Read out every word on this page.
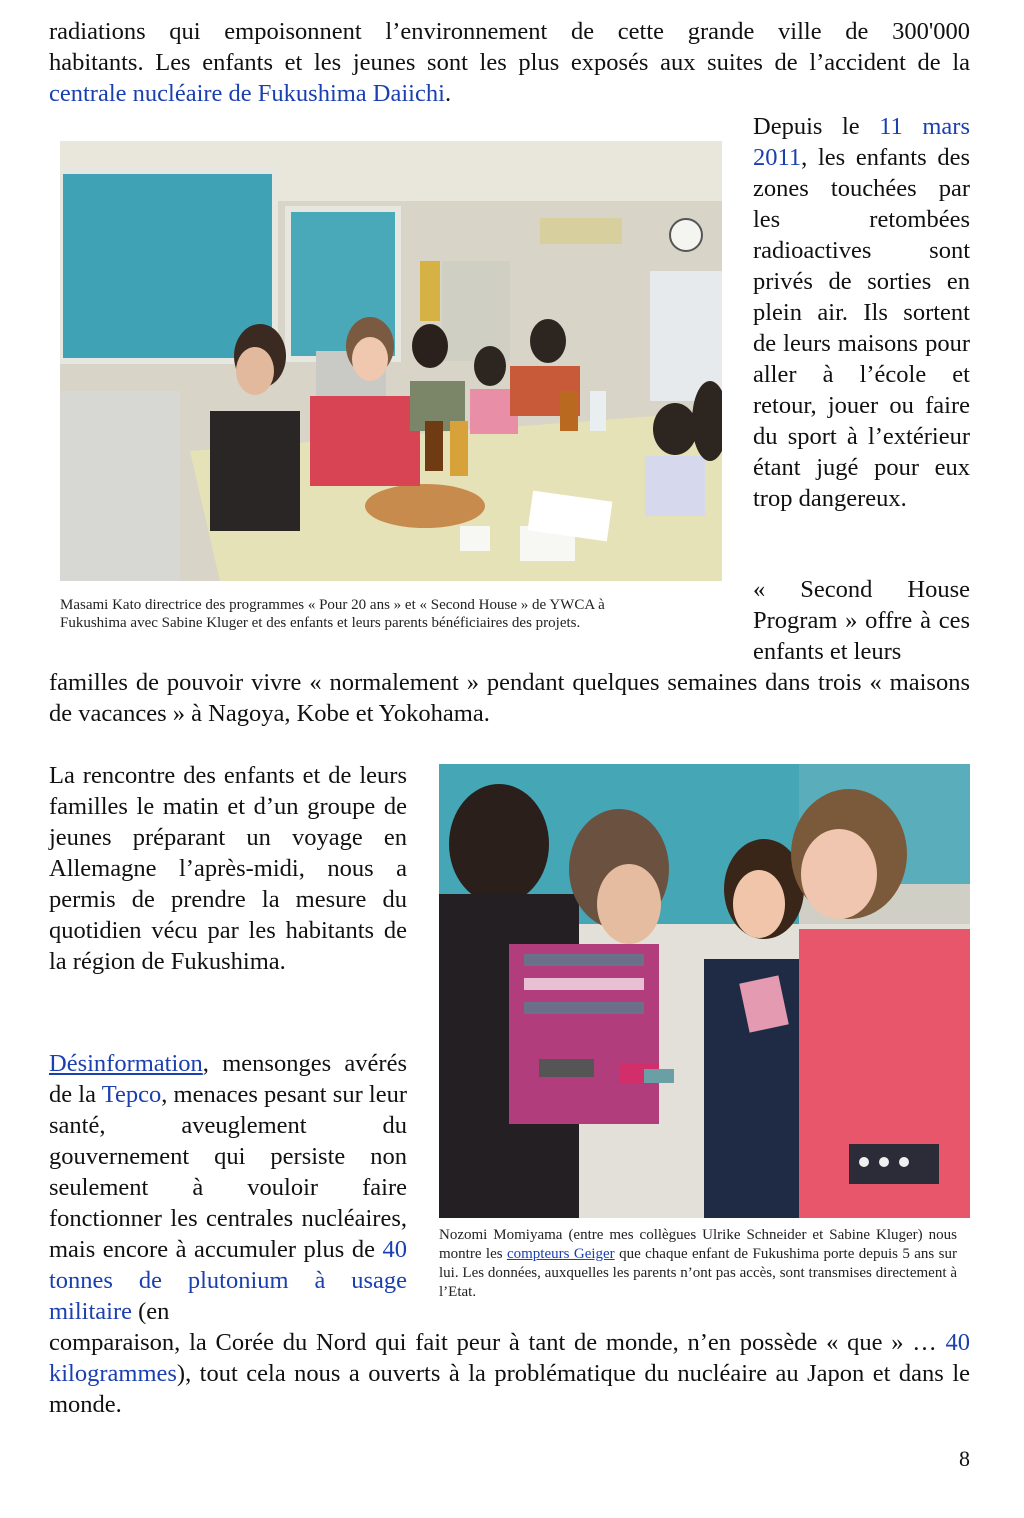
radiations qui empoisonnent l’environnement de cette grande ville de 300'000

habitants. Les enfants et les jeunes sont les plus exposés aux suites de l’accident de la

centrale nucléaire de Fukushima Daiichi.

Masami Kato directrice des programmes « Pour 20 ans » et « Second House » de YWCA à

Fukushima avec Sabine Kluger et des enfants et leurs parents bénéficiaires des projets.

Depuis le 11 mars 2011, les enfants des zones touchées par les retombées radioactives sont privés de sorties en plein air. Ils sortent de leurs maisons pour aller à l’école et retour, jouer ou faire du sport à l’extérieur étant jugé pour eux trop dangereux.

« Second House Program » offre à ces enfants et leurs

familles de pouvoir vivre « normalement » pendant quelques semaines dans trois « maisons de vacances » à Nagoya, Kobe et Yokohama.

Nozomi Momiyama (entre mes collègues Ulrike Schneider et Sabine Kluger) nous montre les compteurs Geiger que chaque enfant de Fukushima porte depuis 5 ans sur lui. Les données, auxquelles les parents n’ont pas accès, sont transmises directement à l’Etat.

La rencontre des enfants et de leurs familles le matin et d’un groupe de jeunes préparant un voyage en Allemagne l’après-midi, nous a permis de prendre la mesure du quotidien vécu par les habitants de la région de Fukushima.

Désinformation, mensonges avérés de la Tepco, menaces pesant sur leur santé, aveuglement du gouvernement qui persiste non seulement à vouloir faire fonctionner les centrales nucléaires, mais encore à accumuler plus de 40 tonnes de plutonium à usage militaire (en

comparaison, la Corée du Nord qui fait peur à tant de monde, n’en possède « que » … 40 kilogrammes), tout cela nous a ouverts à la problématique du nucléaire au Japon et dans le monde.

8
